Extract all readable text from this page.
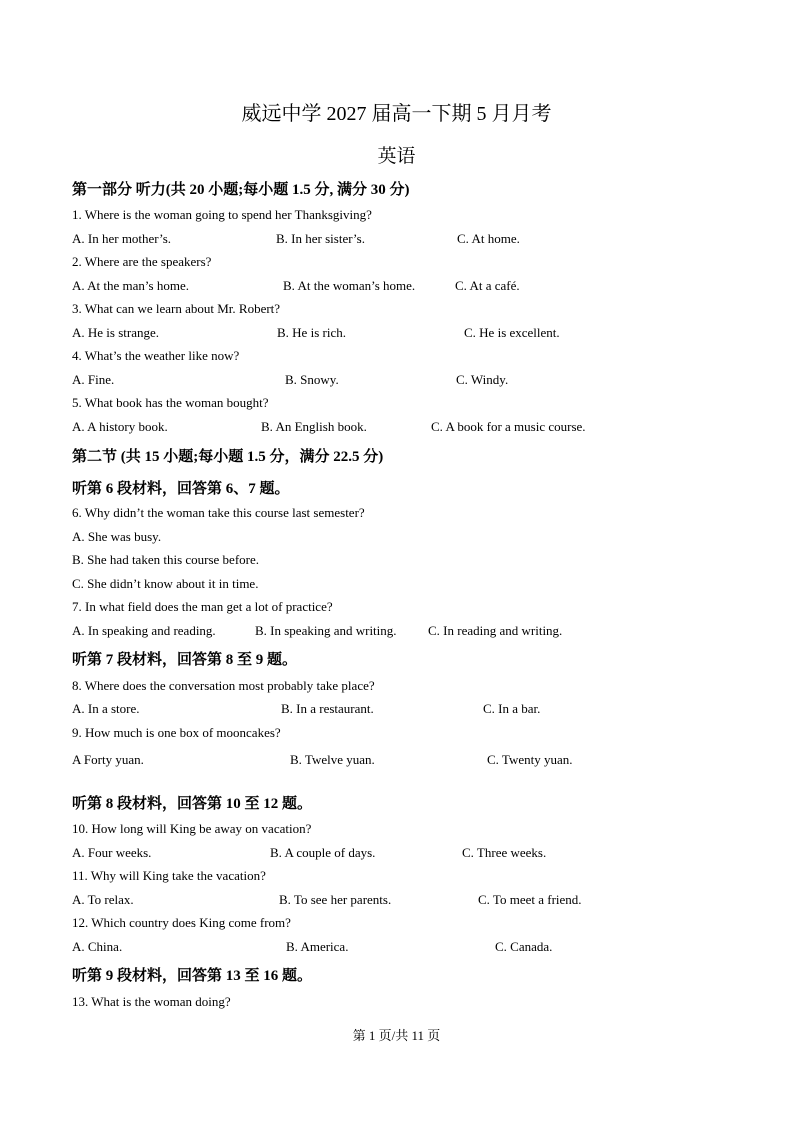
威远中学 2027 届高一下期 5 月月考
英语
第一部分 听力(共 20 小题;每小题 1.5 分, 满分 30 分)
1. Where is the woman going to spend her Thanksgiving?
A. In her mother’s.	B. In her sister’s.	C. At home.
2. Where are the speakers?
A. At the man’s home.	B. At the woman’s home.	C. At a café.
3. What can we learn about Mr. Robert?
A. He is strange.	B. He is rich.	C. He is excellent.
4. What’s the weather like now?
A. Fine.	B. Snowy.	C. Windy.
5. What book has the woman bought?
A. A history book.	B. An English book.	C. A book for a music course.
第二节 (共 15 小题;每小题 1.5 分，满分 22.5 分)
听第 6 段材料，回答第 6、7 题。
6. Why didn’t the woman take this course last semester?
A. She was busy.
B. She had taken this course before.
C. She didn’t know about it in time.
7. In what field does the man get a lot of practice?
A. In speaking and reading.	B. In speaking and writing. C. In reading and writing.
听第 7 段材料，回答第 8 至 9 题。
8. Where does the conversation most probably take place?
A. In a store.	B. In a restaurant.	C. In a bar.
9. How much is one box of mooncakes?
A Forty yuan.	B. Twelve yuan.	C. Twenty yuan.
听第 8 段材料，回答第 10 至 12 题。
10. How long will King be away on vacation?
A. Four weeks.	B. A couple of days.	C. Three weeks.
11. Why will King take the vacation?
A. To relax.	B. To see her parents.	C. To meet a friend.
12. Which country does King come from?
A. China.	B. America.	C. Canada.
听第 9 段材料，回答第 13 至 16 题。
13. What is the woman doing?
第 1 页/共 11 页
